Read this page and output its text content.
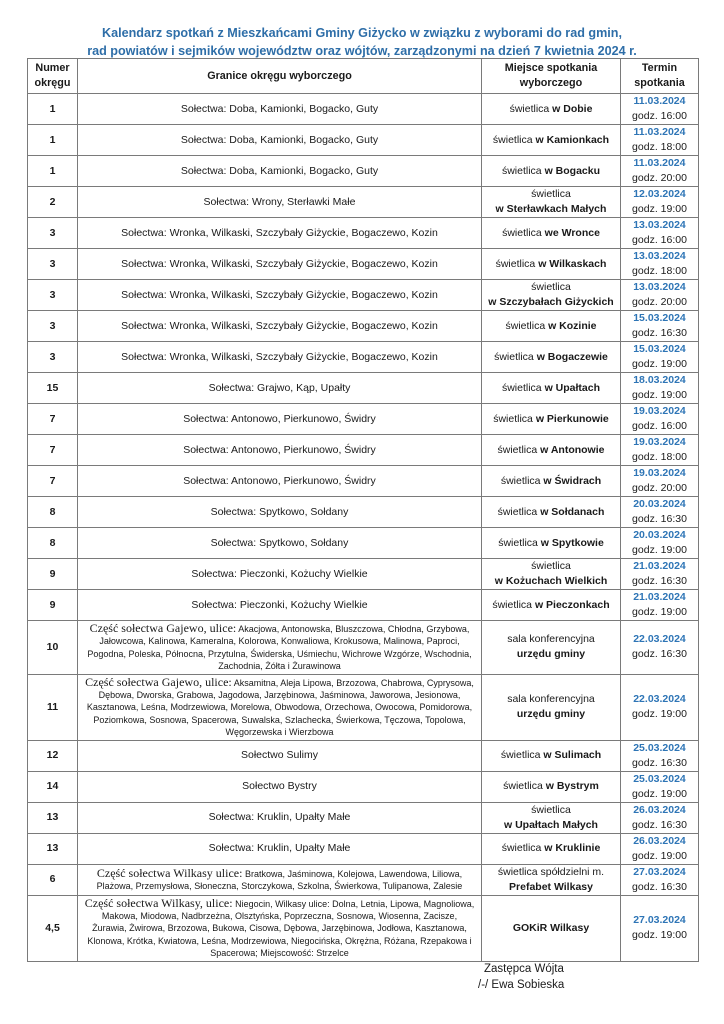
Kalendarz spotkań z Mieszkańcami Gminy Giżycko w związku z wyborami do rad gmin,
rad powiatów i sejmików województw oraz wójtów, zarządzonymi na dzień 7 kwietnia 2024 r.
Numer okręgu	Granice okręgu wyborczego	Miejsce spotkania wyborczego	Termin spotkania
1	Sołectwa: Doba, Kamionki, Bogacko, Guty	świetlica w Dobie	11.03.2024
godz. 16:00

1	Sołectwa: Doba, Kamionki, Bogacko, Guty	świetlica w Kamionkach	11.03.2024
godz. 18:00

1	Sołectwa: Doba, Kamionki, Bogacko, Guty	świetlica w Bogacku	11.03.2024
godz. 20:00

2	Sołectwa: Wrony, Sterławki Małe	świetlica
w Sterławkach Małych	12.03.2024
godz. 19:00

3	Sołectwa: Wronka, Wilkaski, Szczybały Giżyckie, Bogaczewo, Kozin	świetlica we Wronce	13.03.2024
godz. 16:00

3	Sołectwa: Wronka, Wilkaski, Szczybały Giżyckie, Bogaczewo, Kozin	świetlica w Wilkaskach	13.03.2024
godz. 18:00

3	Sołectwa: Wronka, Wilkaski, Szczybały Giżyckie, Bogaczewo, Kozin	świetlica
w Szczybałach Giżyckich	13.03.2024
godz. 20:00

3	Sołectwa: Wronka, Wilkaski, Szczybały Giżyckie, Bogaczewo, Kozin	świetlica w Kozinie	15.03.2024
godz. 16:30

3	Sołectwa: Wronka, Wilkaski, Szczybały Giżyckie, Bogaczewo, Kozin	świetlica w Bogaczewie	15.03.2024
godz. 19:00

15	Sołectwa: Grajwo, Kąp, Upałty	świetlica w Upałtach	18.03.2024
godz. 19:00

7	Sołectwa: Antonowo, Pierkunowo, Świdry	świetlica w Pierkunowie	19.03.2024
godz. 16:00

7	Sołectwa: Antonowo, Pierkunowo, Świdry	świetlica w Antonowie	19.03.2024
godz. 18:00

7	Sołectwa: Antonowo, Pierkunowo, Świdry	świetlica w Świdrach	19.03.2024
godz. 20:00

8	Sołectwa: Spytkowo, Sołdany	świetlica w Sołdanach	20.03.2024
godz. 16:30

8	Sołectwa: Spytkowo, Sołdany	świetlica w Spytkowie	20.03.2024
godz. 19:00

9	Sołectwa: Pieczonki, Kożuchy Wielkie	świetlica
w Kożuchach Wielkich	21.03.2024
godz. 16:30

9	Sołectwa: Pieczonki, Kożuchy Wielkie	świetlica w Pieczonkach	21.03.2024
godz. 19:00

10	Część sołectwa Gajewo, ulice: Akacjowa, Antonowska, Bluszczowa, Chłodna, Grzybowa, Jałowcowa, Kalinowa, Kameralna, Kolorowa, Konwaliowa, Krokusowa, Malinowa, Paproci, Pogodna, Poleska, Północna, Przytulna, Świderska, Uśmiechu, Wichrowe Wzgórze, Wschodnia, Zachodnia, Żółta i Żurawinowa	sala konferencyjna
urzędu gminy	22.03.2024
godz. 16:30

11	Część sołectwa Gajewo, ulice: Aksamitna, Aleja Lipowa, Brzozowa, Chabrowa, Cyprysowa, Dębowa, Dworska, Grabowa, Jagodowa, Jarzębinowa, Jaśminowa, Jaworowa, Jesionowa, Kasztanowa, Leśna, Modrzewiowa, Morelowa, Obwodowa, Orzechowa, Owocowa, Pomidorowa, Poziomkowa, Sosnowa, Spacerowa, Suwalska, Szlachecka, Świerkowa, Tęczowa, Topolowa, Węgorzewska i Wierzbowa	sala konferencyjna
urzędu gminy	22.03.2024
godz. 19:00

12	Sołectwo Sulimy	świetlica w Sulimach	25.03.2024
godz. 16:30

14	Sołectwo Bystry	świetlica w Bystrym	25.03.2024
godz. 19:00

13	Sołectwa: Kruklin, Upałty Małe	świetlica
w Upałtach Małych	26.03.2024
godz. 16:30

13	Sołectwa: Kruklin, Upałty Małe	świetlica w Kruklinie	26.03.2024
godz. 19:00

6	Część sołectwa Wilkasy ulice: Bratkowa, Jaśminowa, Kolejowa, Lawendowa, Liliowa, Plażowa, Przemysłowa, Słoneczna, Storczykowa, Szkolna, Świerkowa, Tulipanowa, Zalesie	świetlica spółdzielni m.
Prefabet Wilkasy	27.03.2024
godz. 16:30

4,5	Część sołectwa Wilkasy, ulice: Niegocin, Wilkasy ulice: Dolna, Letnia, Lipowa, Magnoliowa, Makowa, Miodowa, Nadbrzeżna, Olsztyńska, Poprzeczna, Sosnowa, Wiosenna, Zacisze, Żurawia, Żwirowa, Brzozowa, Bukowa, Cisowa, Dębowa, Jarzębinowa, Jodłowa, Kasztanowa, Klonowa, Krótka, Kwiatowa, Leśna, Modrzewiowa, Niegocińska, Okrężna, Różana, Rzepakowa i Spacerowa; Miejscowość: Strzelce	GOKiR Wilkasy	27.03.2024
godz. 19:00
Zastępca Wójta
/-/ Ewa Sobieska
